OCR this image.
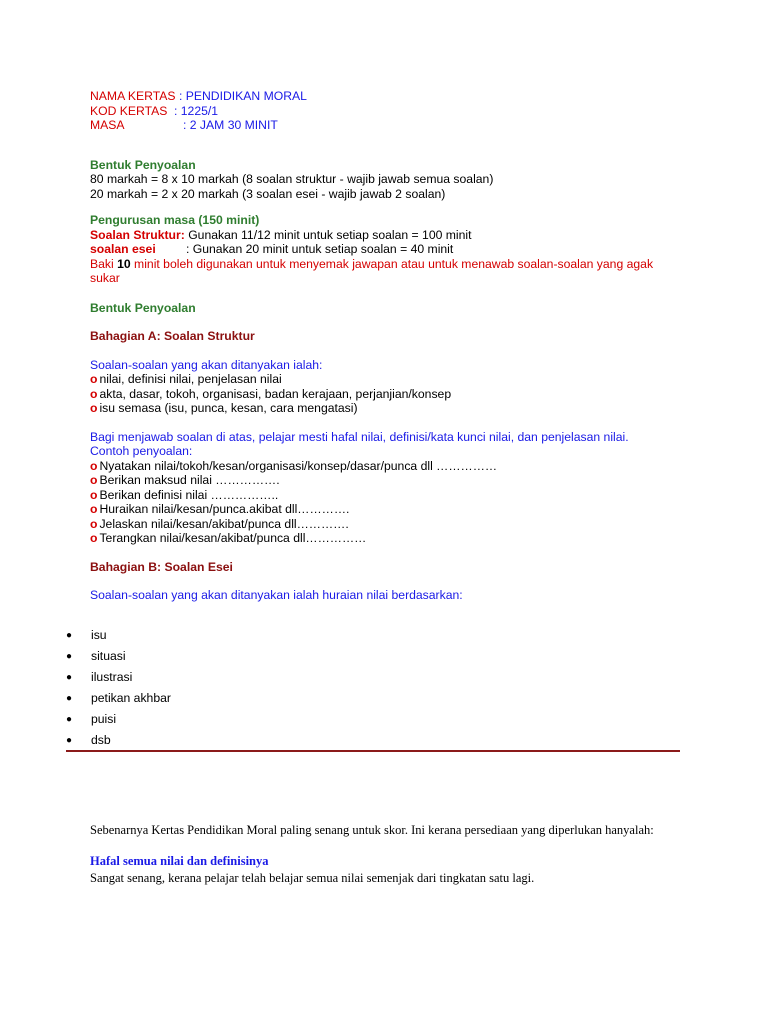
NAMA KERTAS : PENDIDIKAN MORAL
KOD KERTAS : 1225/1
MASA	: 2 JAM 30 MINIT
Bentuk Penyoalan
80 markah = 8 x 10 markah (8 soalan struktur - wajib jawab semua soalan)
20 markah = 2 x 20 markah (3 soalan esei - wajib jawab 2 soalan)
Pengurusan masa (150 minit)
Soalan Struktur: Gunakan 11/12 minit untuk setiap soalan = 100 minit
soalan esei : Gunakan 20 minit untuk setiap soalan = 40 minit
Baki 10 minit boleh digunakan untuk menyemak jawapan atau untuk menawab soalan-soalan yang agak
sukar
Bentuk Penyoalan
Bahagian A: Soalan Struktur
Soalan-soalan yang akan ditanyakan ialah:
o nilai, definisi nilai, penjelasan nilai
o akta, dasar, tokoh, organisasi, badan kerajaan, perjanjian/konsep
o isu semasa (isu, punca, kesan, cara mengatasi)
Bagi menjawab soalan di atas, pelajar mesti hafal nilai, definisi/kata kunci nilai, dan penjelasan nilai.
Contoh penyoalan:
o Nyatakan nilai/tokoh/kesan/organisasi/konsep/dasar/punca dll ……………
o Berikan maksud nilai …………….
o Berikan definisi nilai ……………..
o Huraikan nilai/kesan/punca.akibat dll………….
o Jelaskan nilai/kesan/akibat/punca dll………….
o Terangkan nilai/kesan/akibat/punca dll……………
Bahagian B: Soalan Esei
Soalan-soalan yang akan ditanyakan ialah huraian nilai berdasarkan:
● isu
● situasi
● ilustrasi
● petikan akhbar
● puisi
● dsb
Sebenarnya Kertas Pendidikan Moral paling senang untuk skor. Ini kerana persediaan yang diperlukan hanyalah:
Hafal semua nilai dan definisinya
Sangat senang, kerana pelajar telah belajar semua nilai semenjak dari tingkatan satu lagi.
